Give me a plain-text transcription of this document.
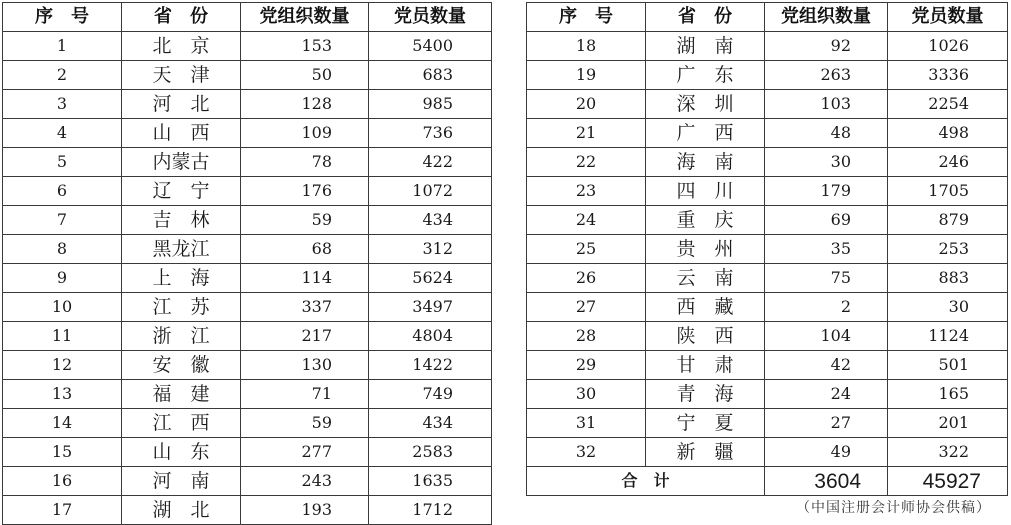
序　号	省　份	党组织数量	党员数量
1	北　京	153	5400
2	天　津	50	683
3	河　北	128	985
4	山　西	109	736
5	内蒙古	78	422
6	辽　宁	176	1072
7	吉　林	59	434
8	黑龙江	68	312
9	上　海	114	5624
10	江　苏	337	3497
11	浙　江	217	4804
12	安　徽	130	1422
13	福　建	71	749
14	江　西	59	434
15	山　东	277	2583
16	河　南	243	1635
17	湖　北	193	1712
序　号	省　份	党组织数量	党员数量
18	湖　南	92	1026
19	广　东	263	3336
20	深　圳	103	2254
21	广　西	48	498
22	海　南	30	246
23	四　川	179	1705
24	重　庆	69	879
25	贵　州	35	253
26	云　南	75	883
27	西　藏	2	30
28	陕　西	104	1124
29	甘　肃	42	501
30	青　海	24	165
31	宁　夏	27	201
32	新　疆	49	322
合　计		3604	45927
（中国注册会计师协会供稿）
